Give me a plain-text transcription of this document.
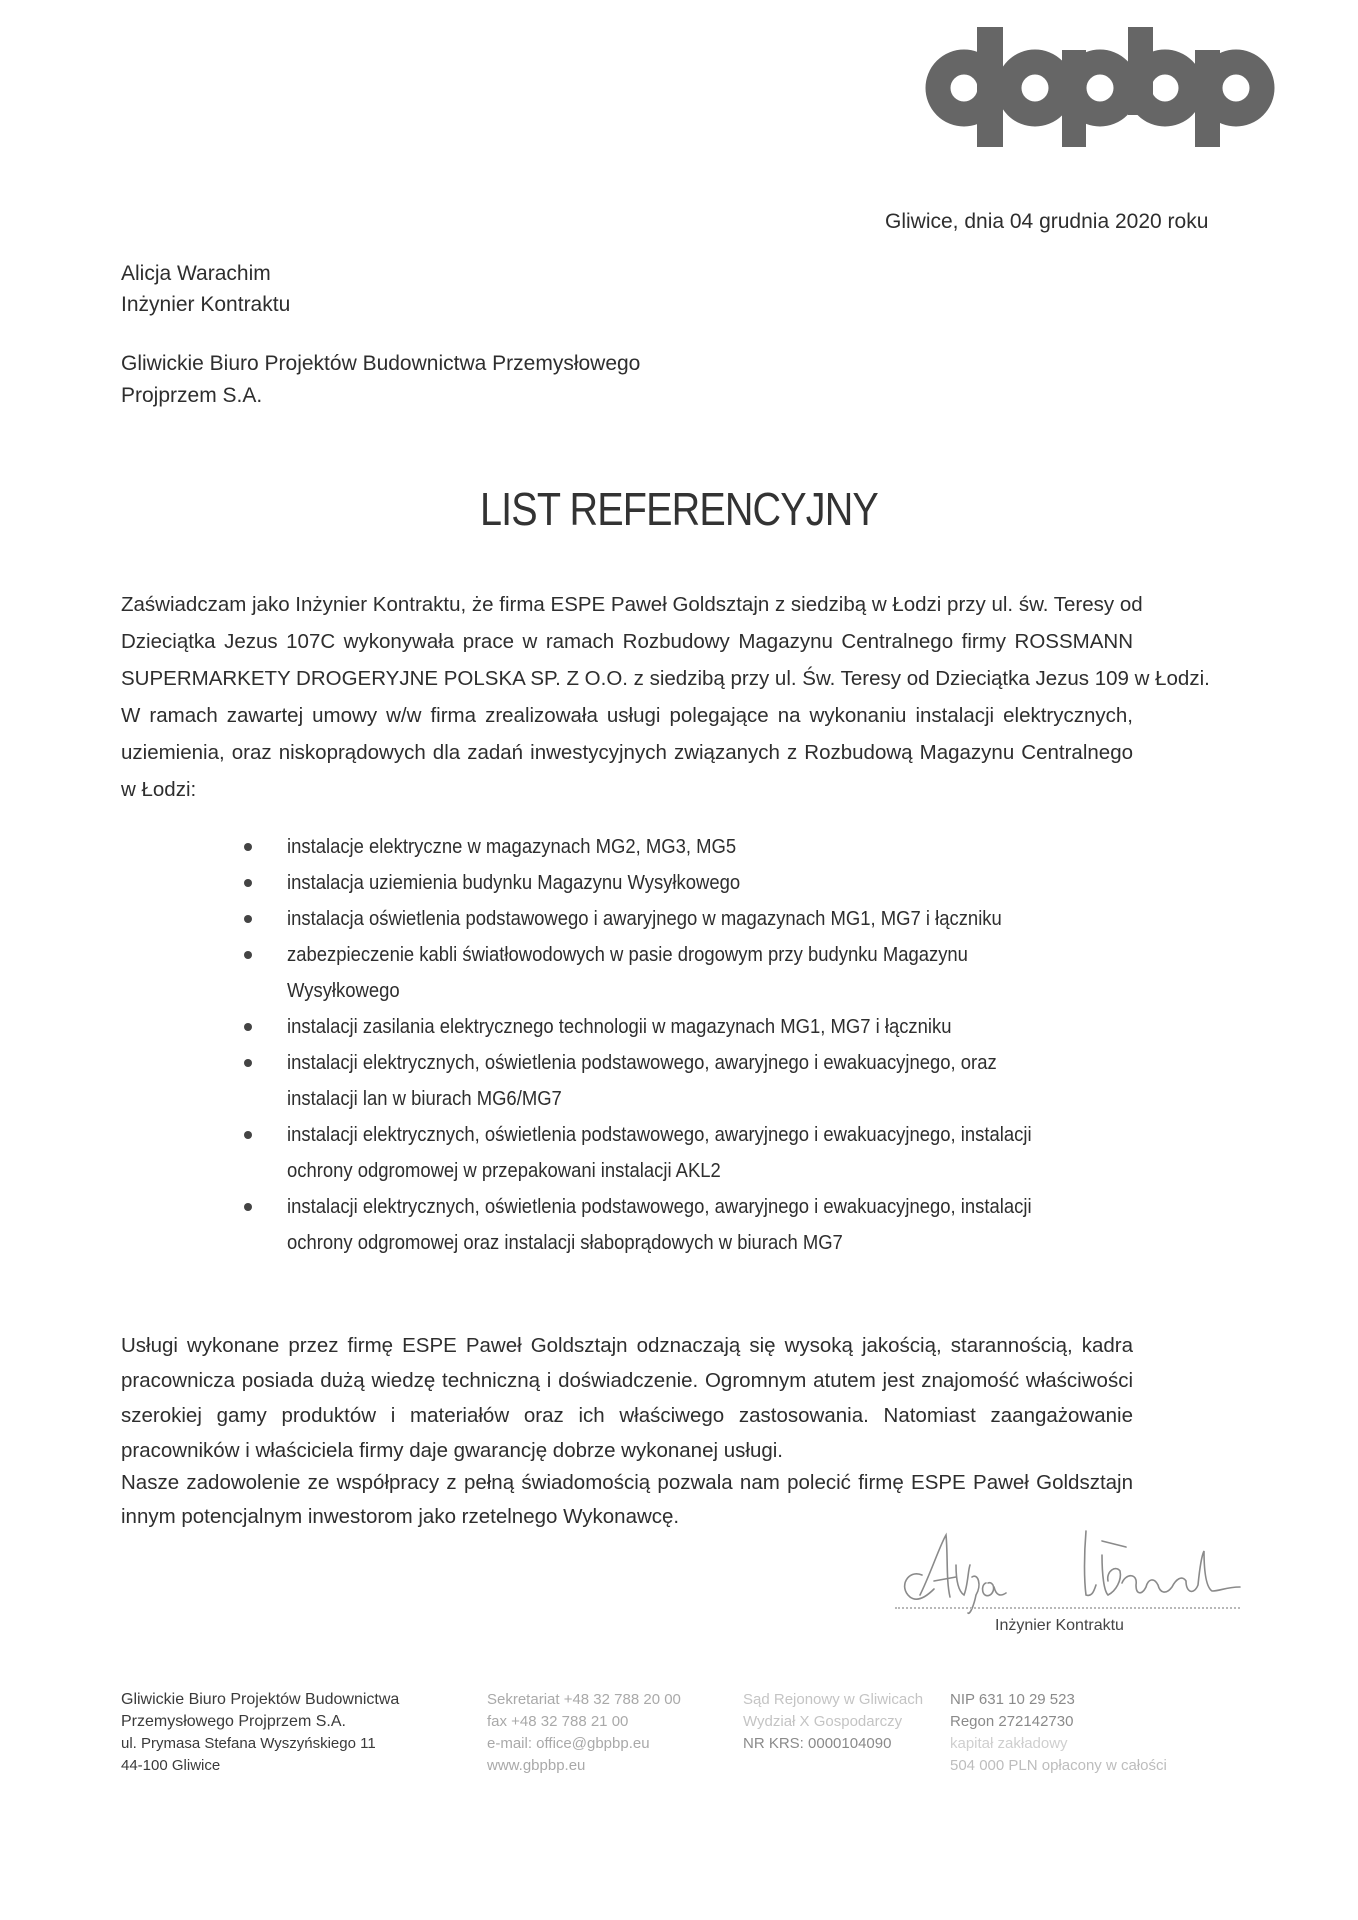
Gliwice, dnia 04 grudnia 2020 roku
Alicja Warachim
Inżynier Kontraktu
Gliwickie Biuro Projektów Budownictwa Przemysłowego
Projprzem S.A.
LIST REFERENCYJNY
Zaświadczam jako Inżynier Kontraktu, że firma ESPE Paweł Goldsztajn z siedzibą w Łodzi przy ul. św. Teresy od
Dzieciątka Jezus 107C wykonywała prace w ramach Rozbudowy Magazynu Centralnego firmy ROSSMANN
SUPERMARKETY DROGERYJNE POLSKA SP. Z O.O. z siedzibą przy ul. Św. Teresy od Dzieciątka Jezus 109 w Łodzi.
W ramach zawartej umowy w/w firma zrealizowała usługi polegające na wykonaniu instalacji elektrycznych,
uziemienia, oraz niskoprądowych dla zadań inwestycyjnych związanych z Rozbudową Magazynu Centralnego
w Łodzi:
instalacje elektryczne w magazynach MG2, MG3, MG5
instalacja uziemienia budynku Magazynu Wysyłkowego
instalacja oświetlenia podstawowego i awaryjnego w magazynach MG1, MG7 i łączniku
zabezpieczenie kabli światłowodowych w pasie drogowym przy budynku Magazynu
Wysyłkowego
instalacji zasilania elektrycznego technologii w magazynach MG1, MG7 i łączniku
instalacji elektrycznych, oświetlenia podstawowego, awaryjnego i ewakuacyjnego, oraz
instalacji lan w biurach MG6/MG7
instalacji elektrycznych, oświetlenia podstawowego, awaryjnego i ewakuacyjnego, instalacji
ochrony odgromowej w przepakowani instalacji AKL2
instalacji elektrycznych, oświetlenia podstawowego, awaryjnego i ewakuacyjnego, instalacji
ochrony odgromowej oraz instalacji słaboprądowych w biurach MG7
Usługi wykonane przez firmę ESPE Paweł Goldsztajn odznaczają się wysoką jakością, starannością, kadra
pracownicza posiada dużą wiedzę techniczną i doświadczenie. Ogromnym atutem jest znajomość właściwości
szerokiej gamy produktów i materiałów oraz ich właściwego zastosowania. Natomiast zaangażowanie
pracowników i właściciela firmy daje gwarancję dobrze wykonanej usługi.
Nasze zadowolenie ze współpracy z pełną świadomością pozwala nam polecić firmę ESPE Paweł Goldsztajn
innym potencjalnym inwestorom jako rzetelnego Wykonawcę.
Inżynier Kontraktu
Gliwickie Biuro Projektów Budownictwa
Przemysłowego Projprzem S.A.
ul. Prymasa Stefana Wyszyńskiego 11
44-100 Gliwice
Sekretariat +48 32 788 20 00
fax +48 32 788 21 00
e-mail: office@gbpbp.eu
www.gbpbp.eu
Sąd Rejonowy w Gliwicach
Wydział X Gospodarczy
NR KRS: 0000104090
NIP 631 10 29 523
Regon 272142730
kapitał zakładowy
504 000 PLN opłacony w całości
